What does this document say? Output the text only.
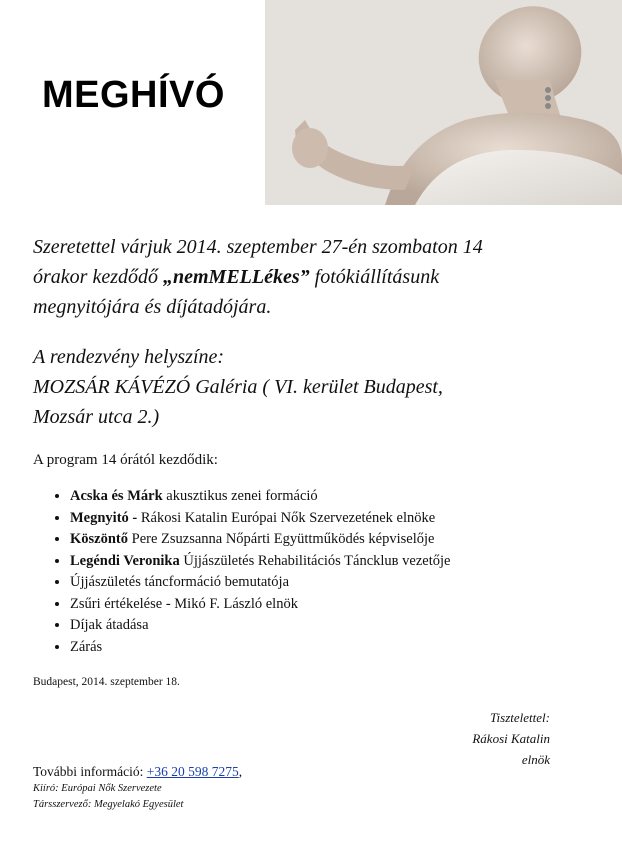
MEGHÍVÓ
Szeretettel várjuk 2014. szeptember 27-én szombaton 14
órakor kezdődő „nemMELLékes” fotókiállításunk
megnyitójára és díjátadójára.
A rendezvény helyszíne:
MOZSÁR KÁVÉZÓ Galéria ( VI. kerület Budapest,
Mozsár utca 2.)
A program 14 órától kezdődik:
• Acska és Márk akusztikus zenei formáció
• Megnyitó - Rákosi Katalin Európai Nők Szervezetének elnöke
• Köszöntő Pere Zsuzsanna Nőpárti Együttműködés képviselője
• Legéndi Veronika Újjászületés Rehabilitációs Tánckluв vezetője
• Újjászületés táncformáció bemutatója
• Zsűri értékelése - Mikó F. László elnök
• Díjak átadása
• Zárás
Budapest, 2014. szeptember 18.
Tisztelettel:
Rákosi Katalin
elnök
További információ: +36 20 598 7275,
Kiíró: Európai Nők Szervezete
Társszervező: Megyelakó Egyesület
